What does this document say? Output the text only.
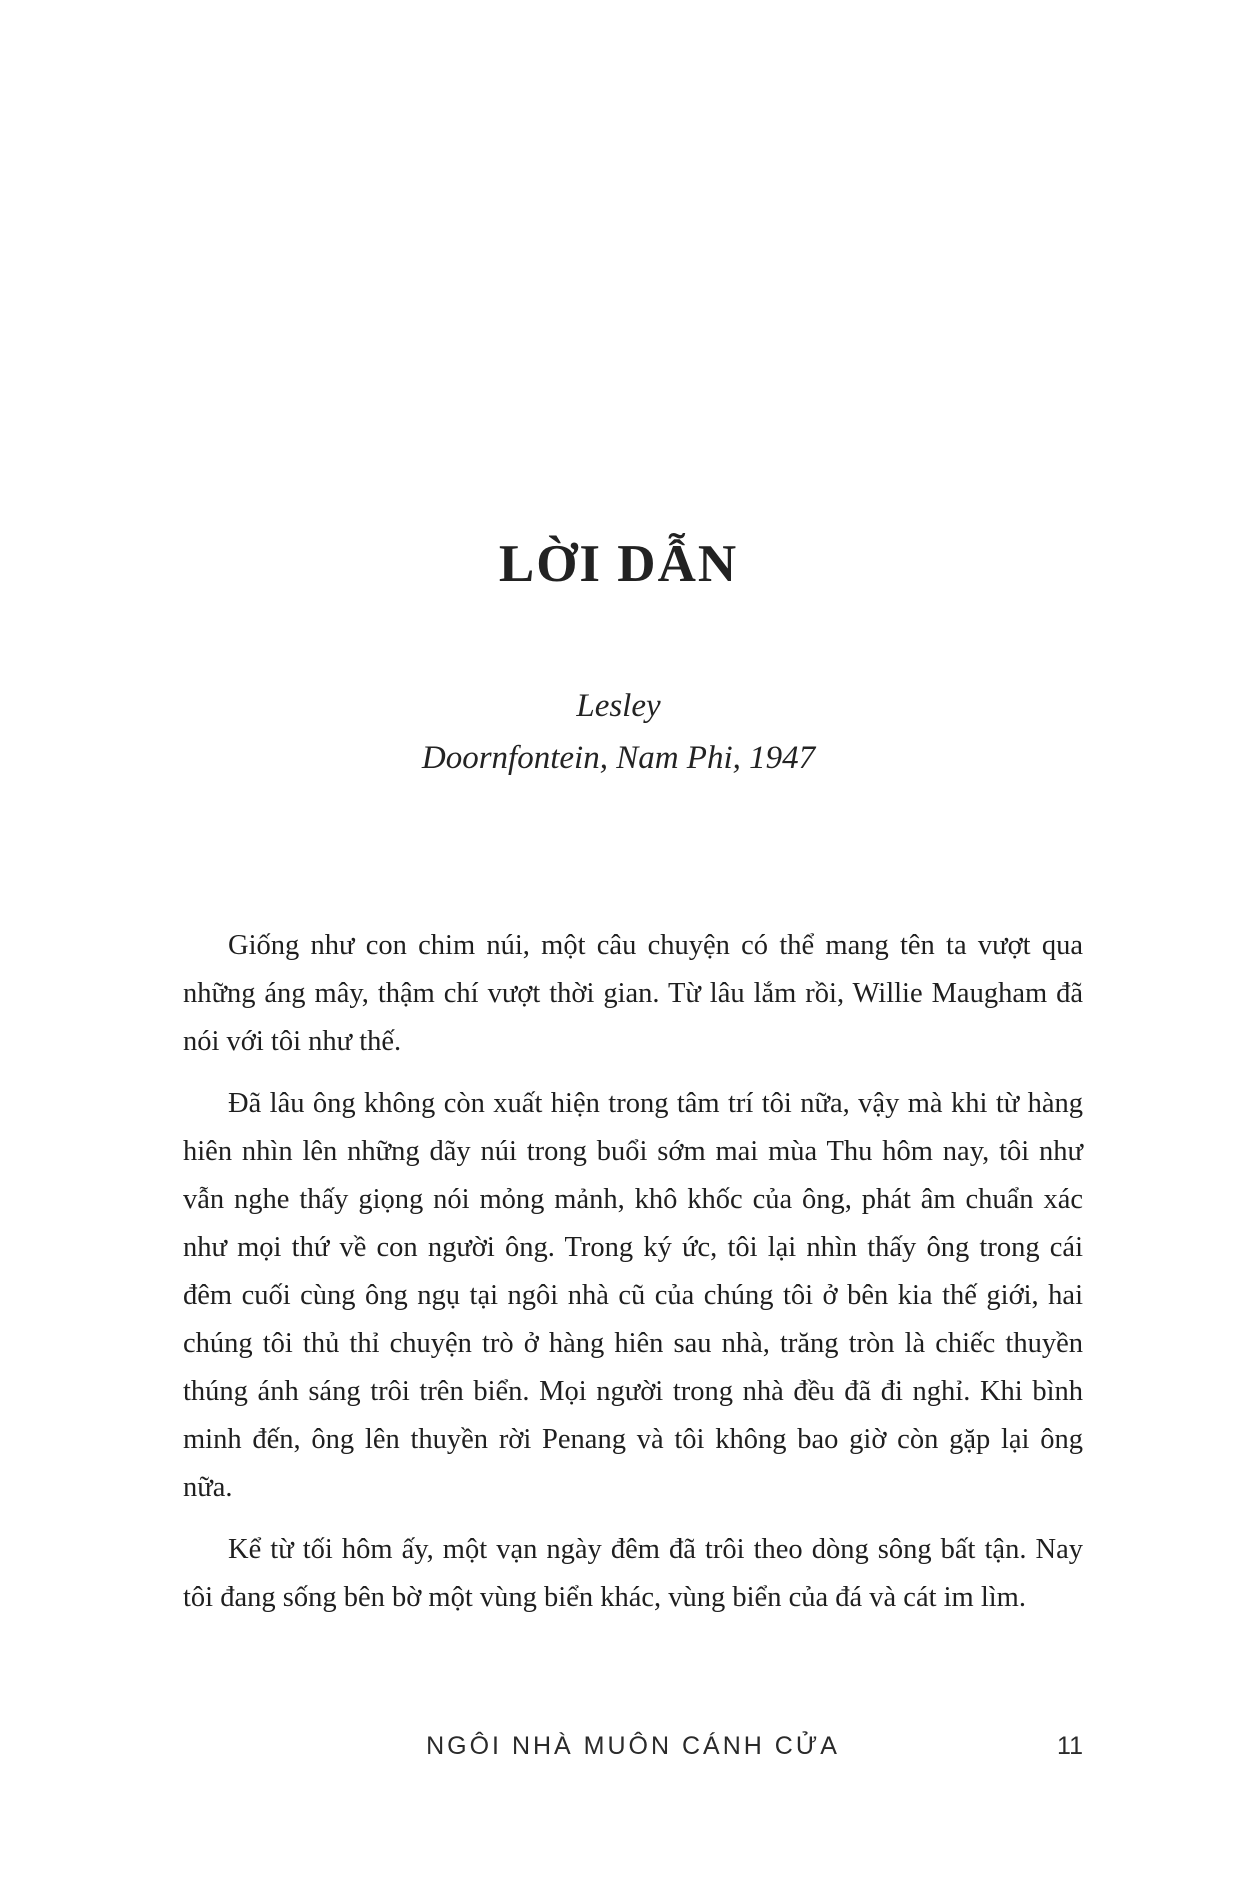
LỜI DẪN
Lesley
Doornfontein, Nam Phi, 1947

Giống như con chim núi, một câu chuyện có thể mang tên ta vượt qua những áng mây, thậm chí vượt thời gian. Từ lâu lắm rồi, Willie Maugham đã nói với tôi như thế.

Đã lâu ông không còn xuất hiện trong tâm trí tôi nữa, vậy mà khi từ hàng hiên nhìn lên những dãy núi trong buổi sớm mai mùa Thu hôm nay, tôi như vẫn nghe thấy giọng nói mỏng mảnh, khô khốc của ông, phát âm chuẩn xác như mọi thứ về con người ông. Trong ký ức, tôi lại nhìn thấy ông trong cái đêm cuối cùng ông ngụ tại ngôi nhà cũ của chúng tôi ở bên kia thế giới, hai chúng tôi thủ thỉ chuyện trò ở hàng hiên sau nhà, trăng tròn là chiếc thuyền thúng ánh sáng trôi trên biển. Mọi người trong nhà đều đã đi nghỉ. Khi bình minh đến, ông lên thuyền rời Penang và tôi không bao giờ còn gặp lại ông nữa.

Kể từ tối hôm ấy, một vạn ngày đêm đã trôi theo dòng sông bất tận. Nay tôi đang sống bên bờ một vùng biển khác, vùng biển của đá và cát im lìm.

NGÔI NHÀ MUÔN CÁNH CỬA	11
